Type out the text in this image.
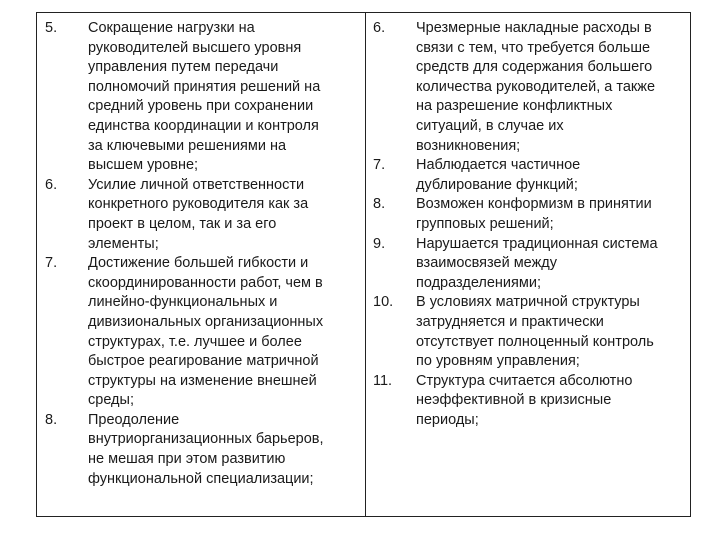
5. Сокращение нагрузки на
руководителей высшего уровня
управления путем передачи
полномочий принятия решений на
средний уровень при сохранении
единства координации и контроля
за ключевыми решениями на
высшем уровне;
6. Усилие личной ответственности
конкретного руководителя как за
проект в целом, так и за его
элементы;
7. Достижение большей гибкости и
скоординированности работ, чем в
линейно-функциональных и
дивизиональных организационных
структурах, т.е. лучшее и более
быстрое реагирование матричной
структуры на изменение внешней
среды;
8. Преодоление
внутриорганизационных барьеров,
не мешая при этом развитию
функциональной специализации;
6. Чрезмерные накладные расходы в
связи с тем, что требуется больше
средств для содержания большего
количества руководителей, а также
на разрешение конфликтных
ситуаций, в случае их
возникновения;
7. Наблюдается частичное
дублирование функций;
8. Возможен конформизм в принятии
групповых решений;
9. Нарушается традиционная система
взаимосвязей между
подразделениями;
10. В условиях матричной структуры
затрудняется и практически
отсутствует полноценный контроль
по уровням управления;
11. Структура считается абсолютно
неэффективной в кризисные
периоды;
